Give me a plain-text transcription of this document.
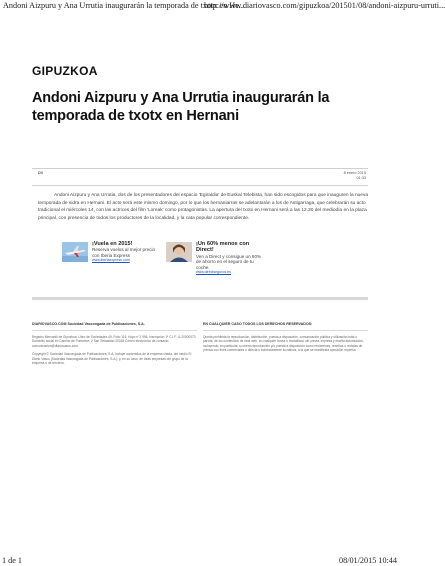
Andoni Aizpuru y Ana Urrutia inaugurarán la temporada de txotx en He...
http://www.diariovasco.com/gipuzkoa/201501/08/andoni-aizpuru-urruti...
GIPUZKOA
Andoni Aizpuru y Ana Urrutia inaugurarán la temporada de txotx en Hernani
DV	8 enero 2015
01:33
Andoni Aizpuru y Ana Urrutia, dos de los presentadores del espacio 'Egiraldia' de Euskal Telebista, han sido escogidos para que inauguren la nueva temporada de sidra en Hernani. El acto será este mismo domingo, por lo que los hernaniarras se adelantarán a los de Astigarraga, que celebrarán su acto tradicional el miércoles 14, con las actrices del film 'Loreak' como protagonistas. La apertura del txotx en Hernani será a las 12.30 del mediodía en la plaza principal, con presencia de todos los productores de la localidad, y la cata popular correspondiente.
¡Vuela en 2015!
Reserva vuelos al mejor precio con Iberia Express
www.iberiaexpress.com
¡Un 60% menos con Direct!
Ven a Direct y consigue un 60% de ahorro en el seguro de tu coche.
www.directseguros.es
DIARIOVASCO.COM Sociedad Vascongada de Publicaciones, S.A.
Registro Mercantil de Gipuzkoa, Libro de Sociedades 49, Folio 116, Hoja nº 2.906, Inscripción 1ª C.I.F.: A-20000573 Domicilio social en Camino de Portuetxe, 2 San Sebastián 20018 Correo electrónico de contacto comunicacion@diariovasco.com
Copyright © Sociedad Vascongada de Publicaciones, S.A. Incluye contenidos de la empresa citada, del medio El Diario Vasco (Sociedad Vascongada de Publicaciones, S.A.), y, en su caso, de otras empresas del grupo de la empresa o de terceros.
EN CUALQUIER CASO TODOS LOS DERECHOS RESERVADOS:
Queda prohibida la reproducción, distribución, puesta a disposición, comunicación pública y utilización total o parcial, de los contenidos de esta web, en cualquier forma o modalidad, sin previa, expresa y escrita autorización, incluyendo, en particular, su mera reproducción y/o puesta a disposición como resúmenes, reseñas o revistas de prensa con fines comerciales o directa o indirectamente lucrativos, a la que se manifiesta oposición expresa.
1 de 1	08/01/2015 10:44
